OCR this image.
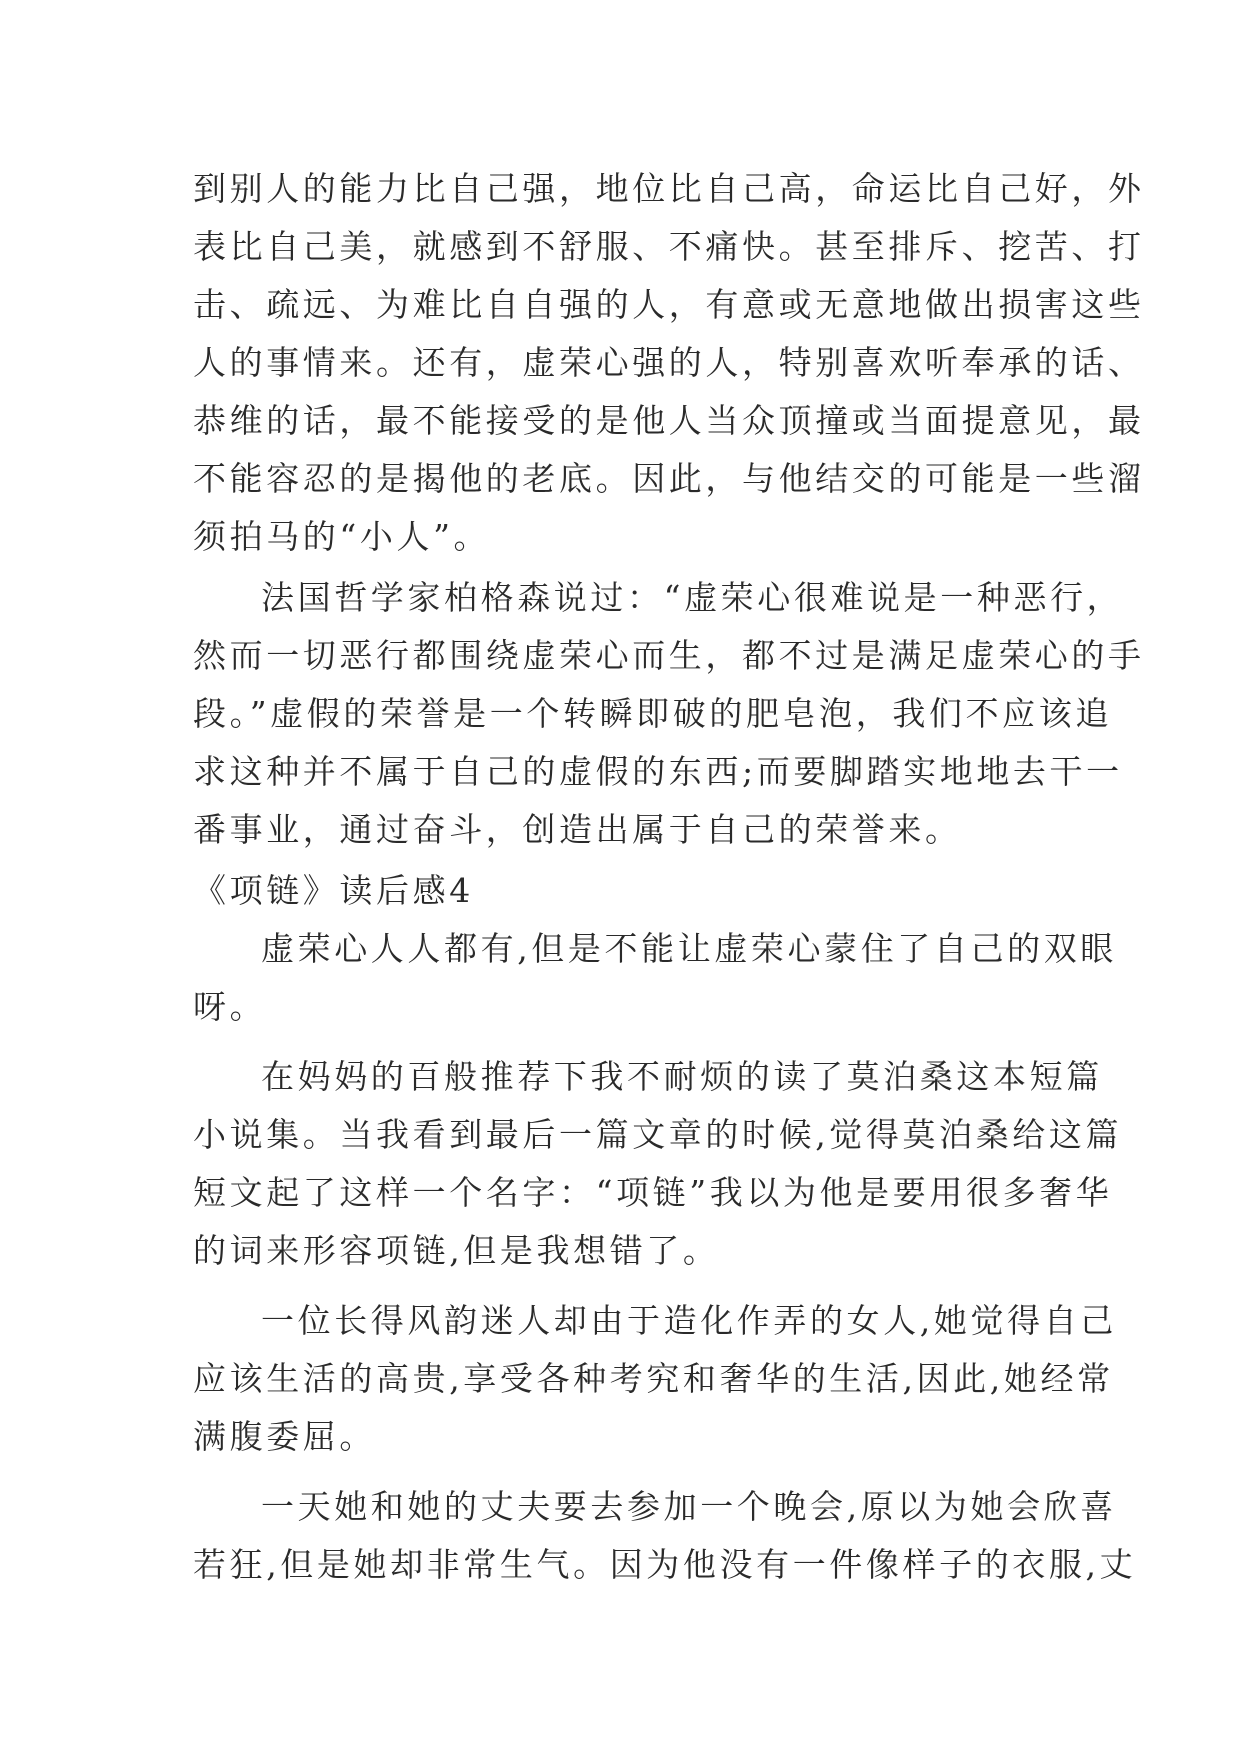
到别人的能力比自己强，地位比自己高，命运比自己好，外

表比自己美，就感到不舒服、不痛快。甚至排斥、挖苦、打

击、疏远、为难比自自强的人，有意或无意地做出损害这些

人的事情来。还有，虚荣心强的人，特别喜欢听奉承的话、

恭维的话，最不能接受的是他人当众顶撞或当面提意见，最

不能容忍的是揭他的老底。因此，与他结交的可能是一些溜

须拍马的“小人”。

法国哲学家柏格森说过：“虚荣心很难说是一种恶行，

然而一切恶行都围绕虚荣心而生，都不过是满足虚荣心的手

段。”虚假的荣誉是一个转瞬即破的肥皂泡，我们不应该追

求这种并不属于自己的虚假的东西;而要脚踏实地地去干一

番事业，通过奋斗，创造出属于自己的荣誉来。

《项链》读后感4

虚荣心人人都有,但是不能让虚荣心蒙住了自己的双眼

呀。

在妈妈的百般推荐下我不耐烦的读了莫泊桑这本短篇

小说集。当我看到最后一篇文章的时候,觉得莫泊桑给这篇

短文起了这样一个名字：“项链”我以为他是要用很多奢华

的词来形容项链,但是我想错了。

一位长得风韵迷人却由于造化作弄的女人,她觉得自己

应该生活的高贵,享受各种考究和奢华的生活,因此,她经常

满腹委屈。

一天她和她的丈夫要去参加一个晚会,原以为她会欣喜

若狂,但是她却非常生气。因为他没有一件像样子的衣服,丈
